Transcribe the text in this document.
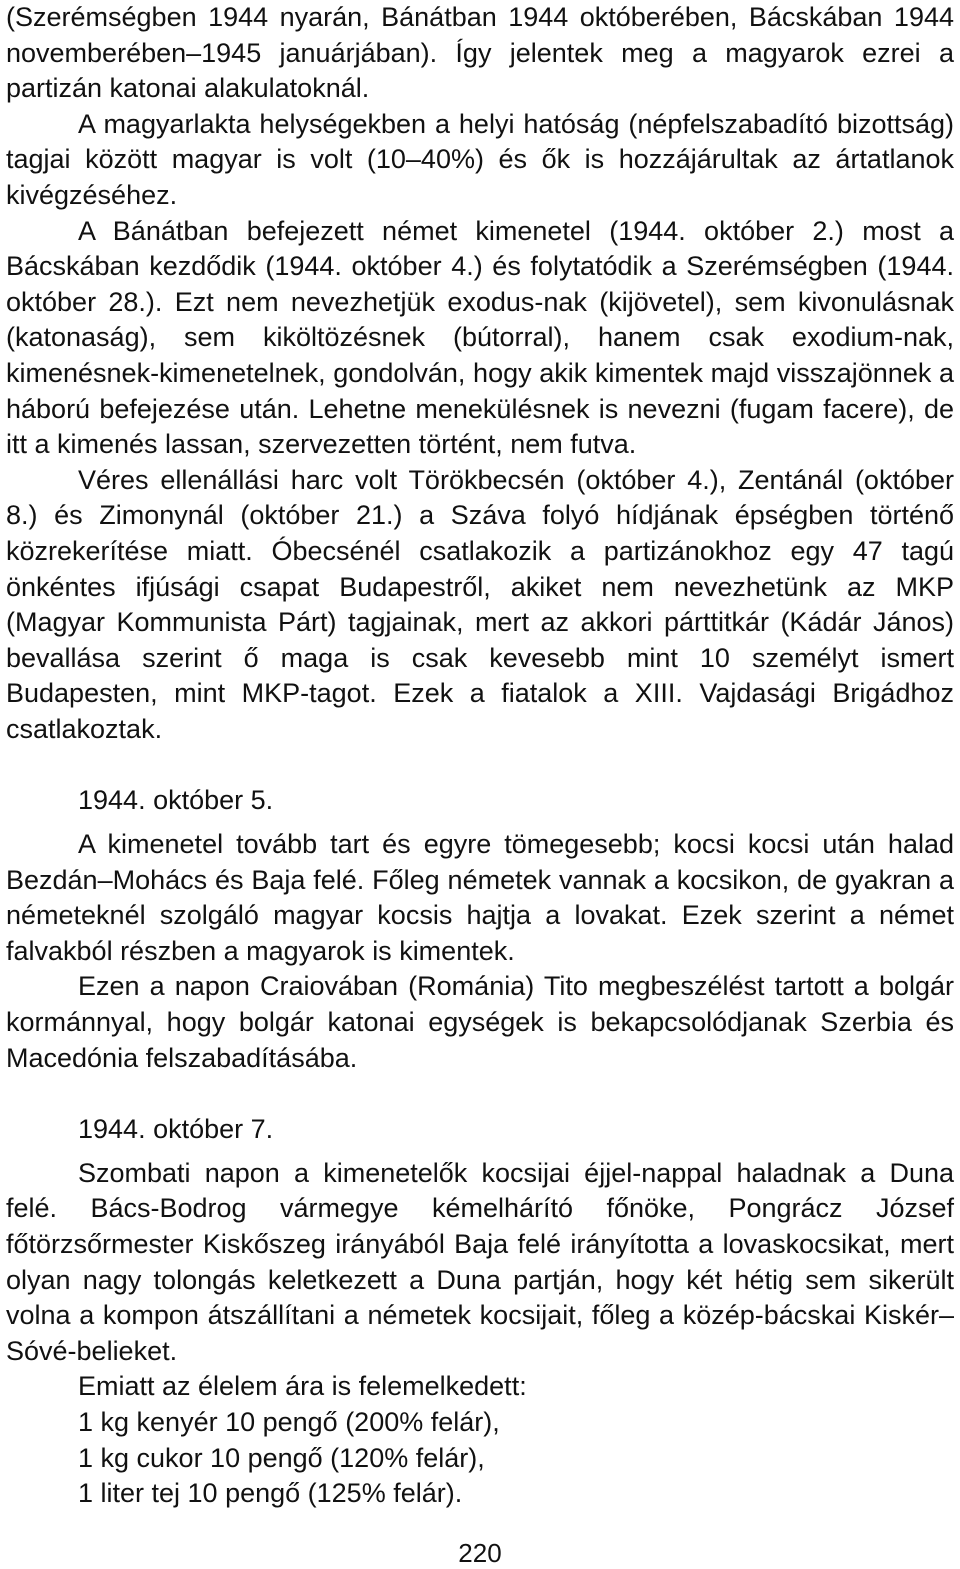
(Szerémségben 1944 nyarán, Bánátban 1944 októberében, Bácskában 1944 novemberében–1945 januárjában). Így jelentek meg a magyarok ezrei a partizán katonai alakulatoknál.

A magyarlakta helységekben a helyi hatóság (népfelszabadító bizottság) tagjai között magyar is volt (10–40%) és ők is hozzájárultak az ártatlanok kivégzéséhez.

A Bánátban befejezett német kimenetel (1944. október 2.) most a Bácskában kezdődik (1944. október 4.) és folytatódik a Szerémségben (1944. október 28.). Ezt nem nevezhetjük exodus-nak (kijövetel), sem kivonulásnak (katonaság), sem kiköltözésnek (bútorral), hanem csak exodium-nak, kimenésnek-kimenetelnek, gondolván, hogy akik kimentek majd visszajönnek a háború befejezése után. Lehetne menekülésnek is nevezni (fugam facere), de itt a kimenés lassan, szervezetten történt, nem futva.

Véres ellenállási harc volt Törökbecsén (október 4.), Zentánál (október 8.) és Zimonynál (október 21.) a Száva folyó hídjának épségben történő közrekerítése miatt. Óbecsénél csatlakozik a partizánokhoz egy 47 tagú önkéntes ifjúsági csapat Budapestről, akiket nem nevezhetünk az MKP (Magyar Kommunista Párt) tagjainak, mert az akkori párttitkár (Kádár János) bevallása szerint ő maga is csak kevesebb mint 10 személyt ismert Budapesten, mint MKP-tagot. Ezek a fiatalok a XIII. Vajdasági Brigádhoz csatlakoztak.

1944. október 5.

A kimenetel tovább tart és egyre tömegesebb; kocsi kocsi után halad Bezdán–Mohács és Baja felé. Főleg németek vannak a kocsikon, de gyakran a németeknél szolgáló magyar kocsis hajtja a lovakat. Ezek szerint a német falvakból részben a magyarok is kimentek.

Ezen a napon Craiovában (Románia) Tito megbeszélést tartott a bolgár kormánnyal, hogy bolgár katonai egységek is bekapcsolódjanak Szerbia és Macedónia felszabadításába.

1944. október 7.

Szombati napon a kimenetelők kocsijai éjjel-nappal haladnak a Duna felé. Bács-Bodrog vármegye kémelhárító főnöke, Pongrácz József főtörzsőrmester Kiskőszeg irányából Baja felé irányította a lovaskocsikat, mert olyan nagy tolongás keletkezett a Duna partján, hogy két hétig sem sikerült volna a kompon átszállítani a németek kocsijait, főleg a közép-bácskai Kiskér–Sóvé-belieket.

Emiatt az élelem ára is felemelkedett:

1 kg kenyér 10 pengő (200% felár),
1 kg cukor 10 pengő (120% felár),
1 liter tej 10 pengő (125% felár).
220
